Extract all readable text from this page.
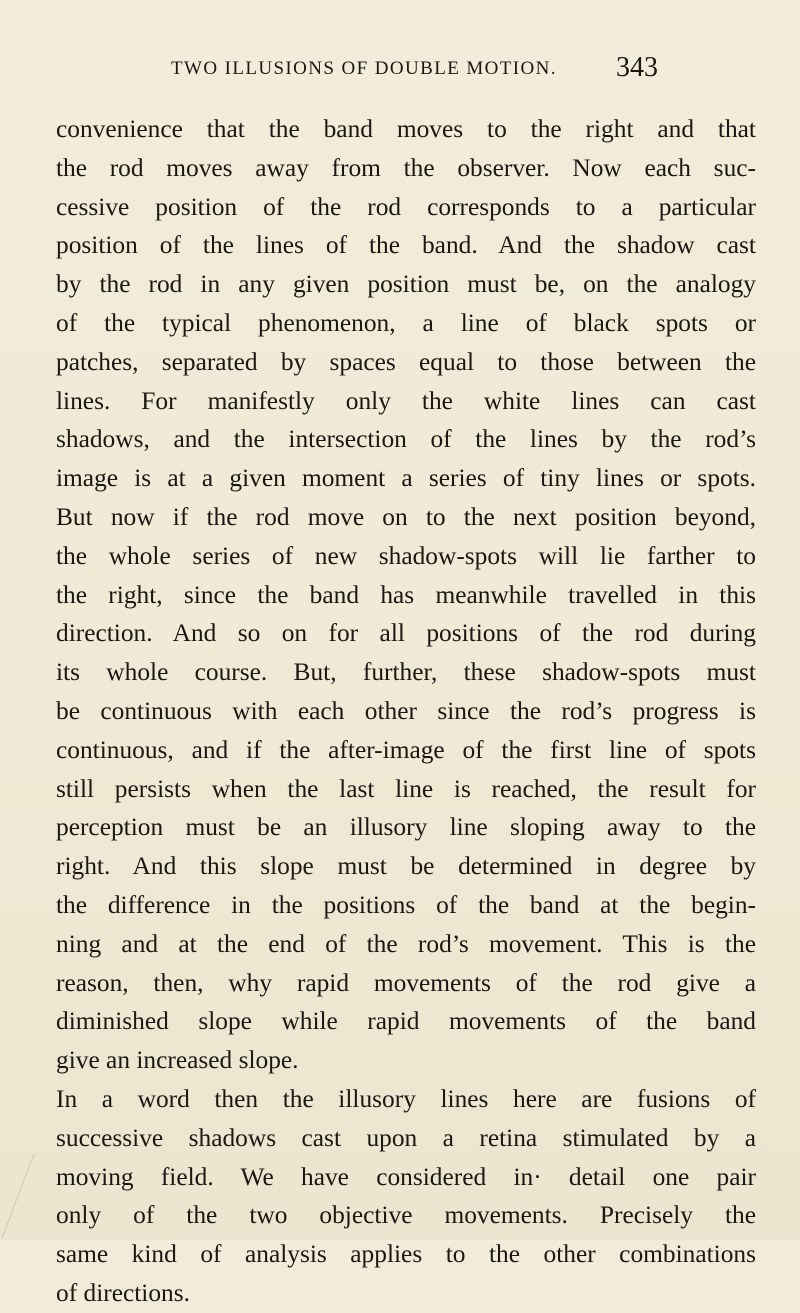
TWO ILLUSIONS OF DOUBLE MOTION. 343
convenience that the band moves to the right and that
the rod moves away from the observer. Now each suc-
cessive position of the rod corresponds to a particular
position of the lines of the band. And the shadow cast
by the rod in any given position must be, on the analogy
of the typical phenomenon, a line of black spots or
patches, separated by spaces equal to those between the
lines. For manifestly only the white lines can cast
shadows, and the intersection of the lines by the rod’s
image is at a given moment a series of tiny lines or spots.
But now if the rod move on to the next position beyond,
the whole series of new shadow-spots will lie farther to
the right, since the band has meanwhile travelled in this
direction. And so on for all positions of the rod during
its whole course. But, further, these shadow-spots must
be continuous with each other since the rod’s progress is
continuous, and if the after-image of the first line of spots
still persists when the last line is reached, the result for
perception must be an illusory line sloping away to the
right. And this slope must be determined in degree by
the difference in the positions of the band at the begin-
ning and at the end of the rod’s movement. This is the
reason, then, why rapid movements of the rod give a
diminished slope while rapid movements of the band
give an increased slope.
In a word then the illusory lines here are fusions of
successive shadows cast upon a retina stimulated by a
moving field. We have considered in· detail one pair
only of the two objective movements. Precisely the
same kind of analysis applies to the other combinations
of directions.
